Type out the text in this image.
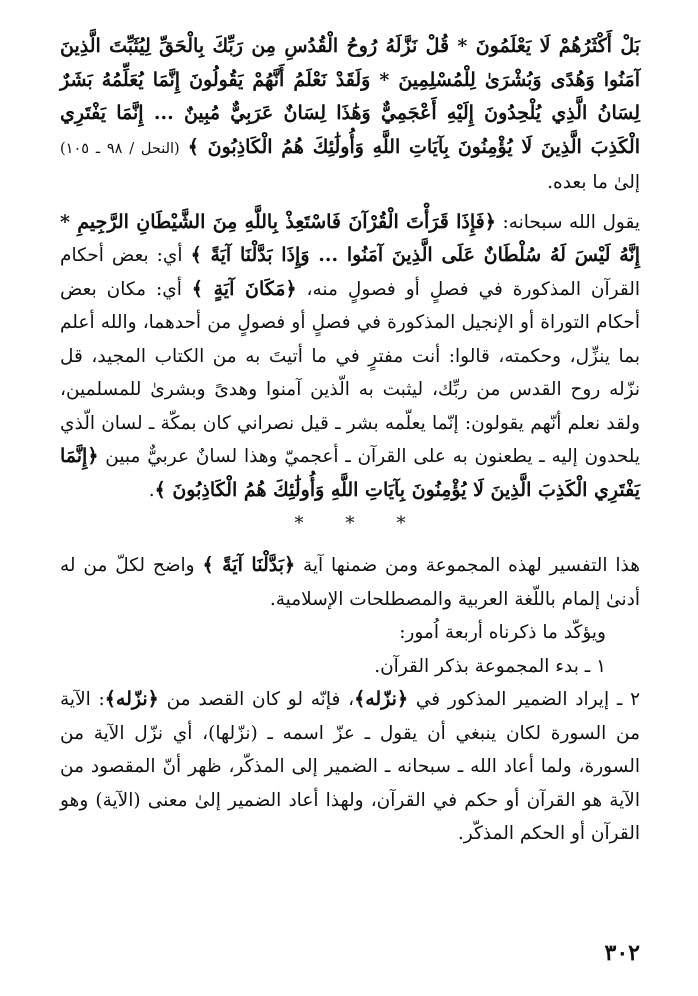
بَلْ أَكْثَرُهُمْ لَا يَعْلَمُونَ * قُلْ نَزَّلَهُ رُوحُ الْقُدُسِ مِن رَبِّكَ بِالْحَقِّ لِيُثَبِّتَ الَّذِينَ آمَنُوا وَهُدًى وَبُشْرَىٰ لِلْمُسْلِمِينَ * وَلَقَدْ نَعْلَمُ أَنَّهُمْ يَقُولُونَ إِنَّمَا يُعَلِّمُهُ بَشَرٌ لِسَانُ الَّذِي يُلْحِدُونَ إِلَيْهِ أَعْجَمِيٌّ وَهَٰذَا لِسَانٌ عَرَبِيٌّ مُبِينٌ ... إِنَّمَا يَفْتَرِي الْكَذِبَ الَّذِينَ لَا يُؤْمِنُونَ بِآيَاتِ اللَّهِ وَأُولَٰئِكَ هُمُ الْكَاذِبُونَ ﴾ (النحل / ٩٨ ـ ١٠٥) إلىٰ ما بعده.

يقول الله سبحانه: ﴿فَإِذَا قَرَأْتَ الْقُرْآنَ فَاسْتَعِذْ بِاللَّهِ مِنَ الشَّيْطَانِ الرَّجِيمِ * إِنَّهُ لَيْسَ لَهُ سُلْطَانٌ عَلَى الَّذِينَ آمَنُوا ... وَإِذَا بَدَّلْنَا آيَةً ﴾ أي: بعض أحكام القرآن المذكورة في فصلٍ أو فصولٍ منه، ﴿مَكَانَ آيَةٍ ﴾ أي: مكان بعض أحكام التوراة أو الإنجيل المذكورة في فصلٍ أو فصولٍ من أحدهما، والله أعلم بما ينزِّل، وحكمته، قالوا: أنت مفترٍ في ما أتيتَ به من الكتاب المجيد، قل نزّله روح القدس من ربِّك، ليثبت به الّذين آمنوا وهدىً وبشرىٰ للمسلمين، ولقد نعلم أنّهم يقولون: إنّما يعلّمه بشر ـ قيل نصراني كان بمكّة ـ لسان الّذي يلحدون إليه ـ يطعنون به على القرآن ـ أعجميّ وهذا لسانٌ عربيٌّ مبين ﴿إِنَّمَا يَفْتَرِي الْكَذِبَ الَّذِينَ لَا يُؤْمِنُونَ بِآيَاتِ اللَّهِ وَأُولَٰئِكَ هُمُ الْكَاذِبُونَ ﴾.

*
*
*

هذا التفسير لهذه المجموعة ومن ضمنها آية ﴿بَدَّلْنَا آيَةً ﴾ واضح لكلّ من له أدنىٰ إلمام باللّغة العربية والمصطلحات الإسلامية.

ويؤكّد ما ذكرناه أربعة اُمور:

١ ـ بدء المجموعة بذكر القرآن.

٢ ـ إيراد الضمير المذكور في ﴿نزّله﴾، فإنّه لو كان القصد من ﴿نزّله﴾: الآية من السورة لكان ينبغي أن يقول ـ عزّ اسمه ـ (نزّلها)، أي نزّل الآية من السورة، ولما أعاد الله ـ سبحانه ـ الضمير إلى المذكّر، ظهر أنّ المقصود من الآية هو القرآن أو حكم في القرآن، ولهذا أعاد الضمير إلىٰ معنى (الآية) وهو القرآن أو الحكم المذكّر.

٣٠٢
